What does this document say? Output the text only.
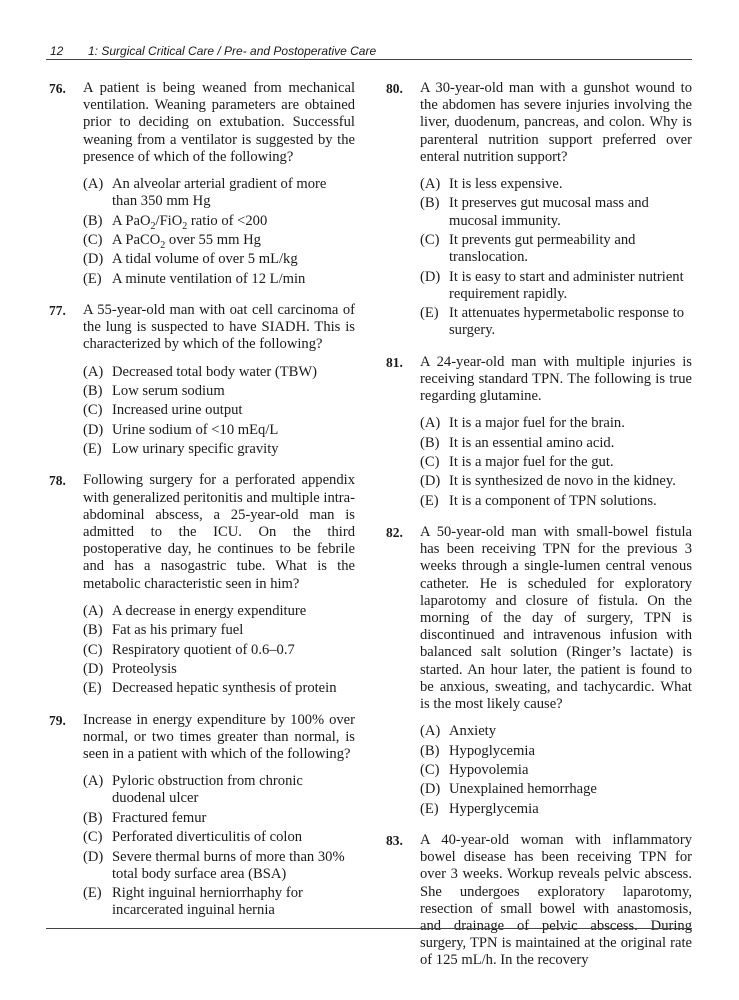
12 1: Surgical Critical Care / Pre- and Postoperative Care
76. A patient is being weaned from mechanical ventilation. Weaning parameters are obtained prior to deciding on extubation. Successful weaning from a ventilator is suggested by the presence of which of the following?
(A) An alveolar arterial gradient of more than 350 mm Hg
(B) A PaO$_2$/FiO$_2$ ratio of <200
(C) A PaCO$_2$ over 55 mm Hg
(D) A tidal volume of over 5 mL/kg
(E) A minute ventilation of 12 L/min
77. A 55-year-old man with oat cell carcinoma of the lung is suspected to have SIADH. This is characterized by which of the following?
(A) Decreased total body water (TBW)
(B) Low serum sodium
(C) Increased urine output
(D) Urine sodium of <10 mEq/L
(E) Low urinary specific gravity
78. Following surgery for a perforated appendix with generalized peritonitis and multiple intra-abdominal abscess, a 25-year-old man is admitted to the ICU. On the third postoperative day, he continues to be febrile and has a nasogastric tube. What is the metabolic characteristic seen in him?
(A) A decrease in energy expenditure
(B) Fat as his primary fuel
(C) Respiratory quotient of 0.6–0.7
(D) Proteolysis
(E) Decreased hepatic synthesis of protein
79. Increase in energy expenditure by 100% over normal, or two times greater than normal, is seen in a patient with which of the following?
(A) Pyloric obstruction from chronic duodenal ulcer
(B) Fractured femur
(C) Perforated diverticulitis of colon
(D) Severe thermal burns of more than 30% total body surface area (BSA)
(E) Right inguinal herniorrhaphy for incarcerated inguinal hernia
80. A 30-year-old man with a gunshot wound to the abdomen has severe injuries involving the liver, duodenum, pancreas, and colon. Why is parenteral nutrition support preferred over enteral nutrition support?
(A) It is less expensive.
(B) It preserves gut mucosal mass and mucosal immunity.
(C) It prevents gut permeability and translocation.
(D) It is easy to start and administer nutrient requirement rapidly.
(E) It attenuates hypermetabolic response to surgery.
81. A 24-year-old man with multiple injuries is receiving standard TPN. The following is true regarding glutamine.
(A) It is a major fuel for the brain.
(B) It is an essential amino acid.
(C) It is a major fuel for the gut.
(D) It is synthesized de novo in the kidney.
(E) It is a component of TPN solutions.
82. A 50-year-old man with small-bowel fistula has been receiving TPN for the previous 3 weeks through a single-lumen central venous catheter. He is scheduled for exploratory laparotomy and closure of fistula. On the morning of the day of surgery, TPN is discontinued and intravenous infusion with balanced salt solution (Ringer’s lactate) is started. An hour later, the patient is found to be anxious, sweating, and tachycardic. What is the most likely cause?
(A) Anxiety
(B) Hypoglycemia
(C) Hypovolemia
(D) Unexplained hemorrhage
(E) Hyperglycemia
83. A 40-year-old woman with inflammatory bowel disease has been receiving TPN for over 3 weeks. Workup reveals pelvic abscess. She undergoes exploratory laparotomy, resection of small bowel with anastomosis, and drainage of pelvic abscess. During surgery, TPN is maintained at the original rate of 125 mL/h. In the recovery
